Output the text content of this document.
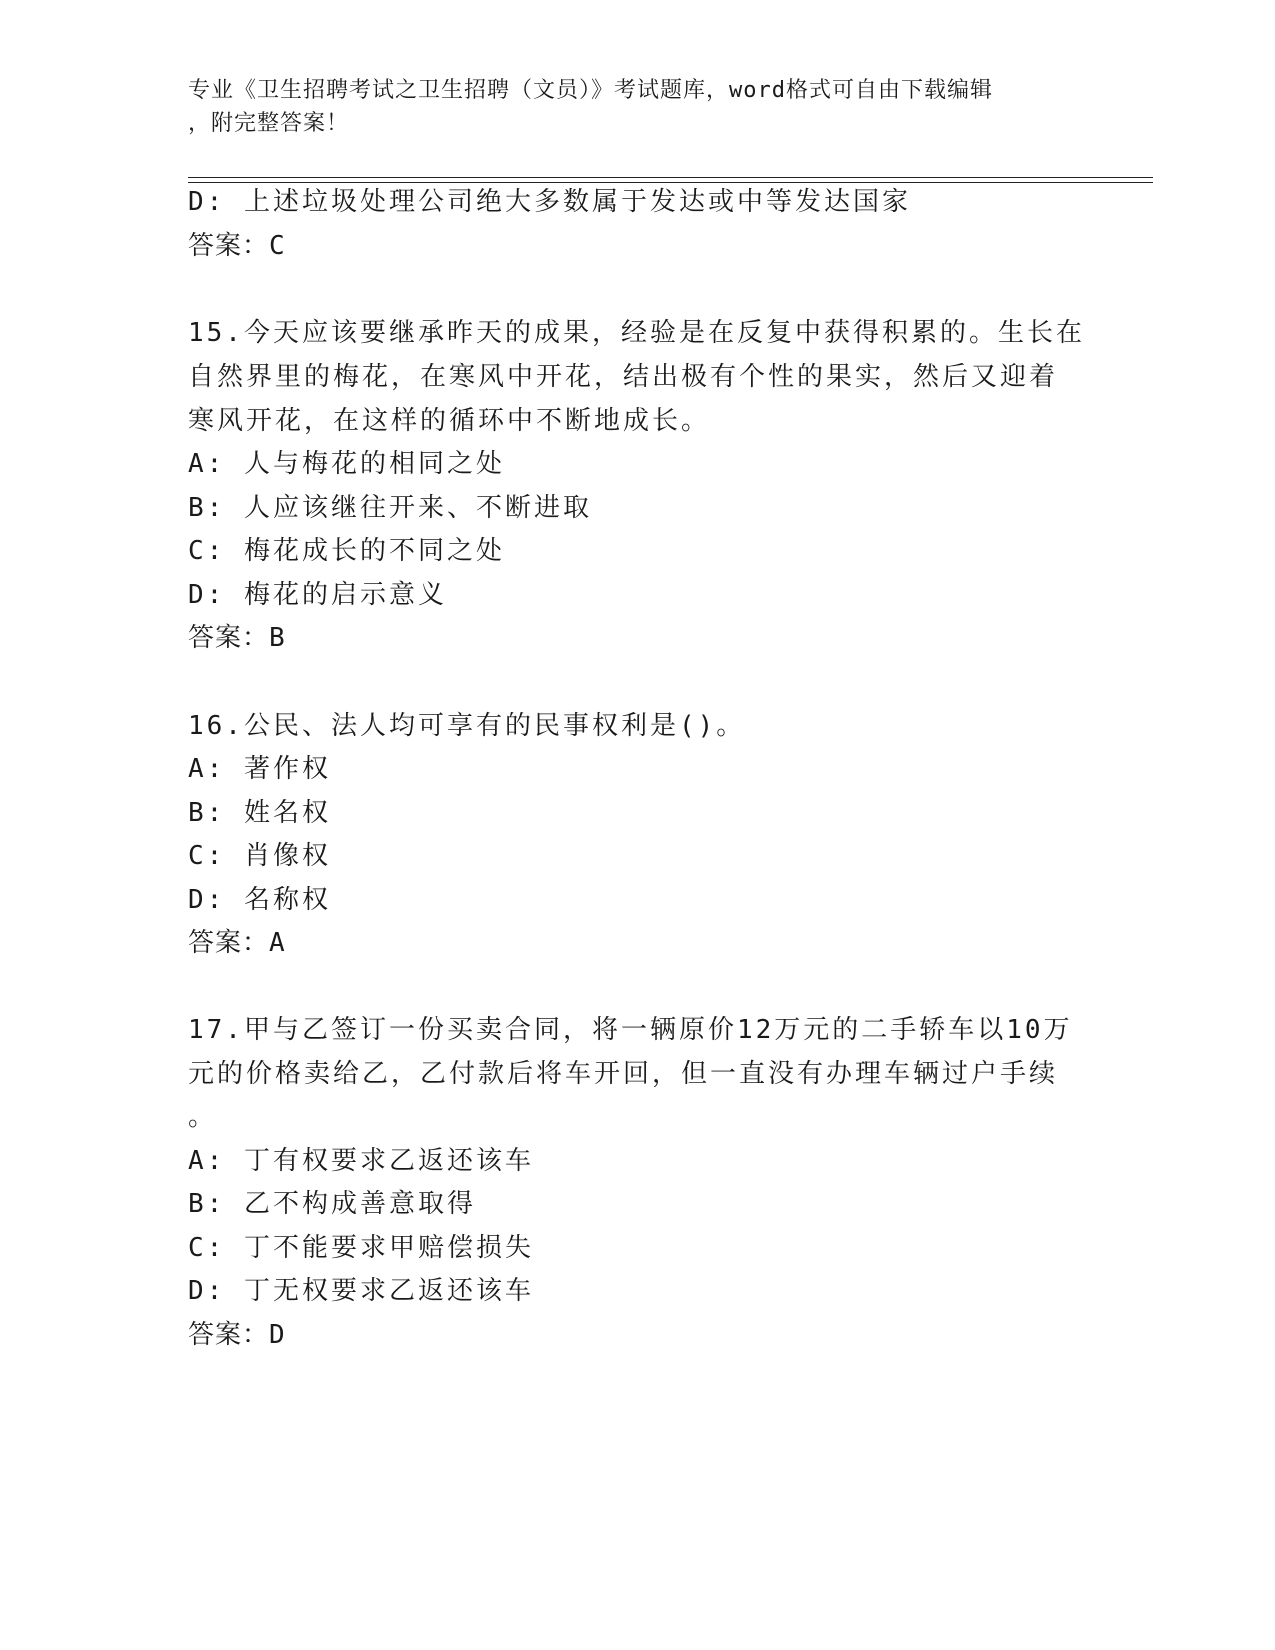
专业《卫生招聘考试之卫生招聘（文员）》考试题库，word格式可自由下载编辑
，附完整答案！
D: 上述垃圾处理公司绝大多数属于发达或中等发达国家
答案：C
15.今天应该要继承昨天的成果，经验是在反复中获得积累的。生长在
自然界里的梅花，在寒风中开花，结出极有个性的果实，然后又迎着
寒风开花，在这样的循环中不断地成长。
A: 人与梅花的相同之处
B: 人应该继往开来、不断进取
C: 梅花成长的不同之处
D: 梅花的启示意义
答案：B
16.公民、法人均可享有的民事权利是()。
A: 著作权
B: 姓名权
C: 肖像权
D: 名称权
答案：A
17.甲与乙签订一份买卖合同，将一辆原价12万元的二手轿车以10万
元的价格卖给乙，乙付款后将车开回，但一直没有办理车辆过户手续
。
A: 丁有权要求乙返还该车
B: 乙不构成善意取得
C: 丁不能要求甲赔偿损失
D: 丁无权要求乙返还该车
答案：D
